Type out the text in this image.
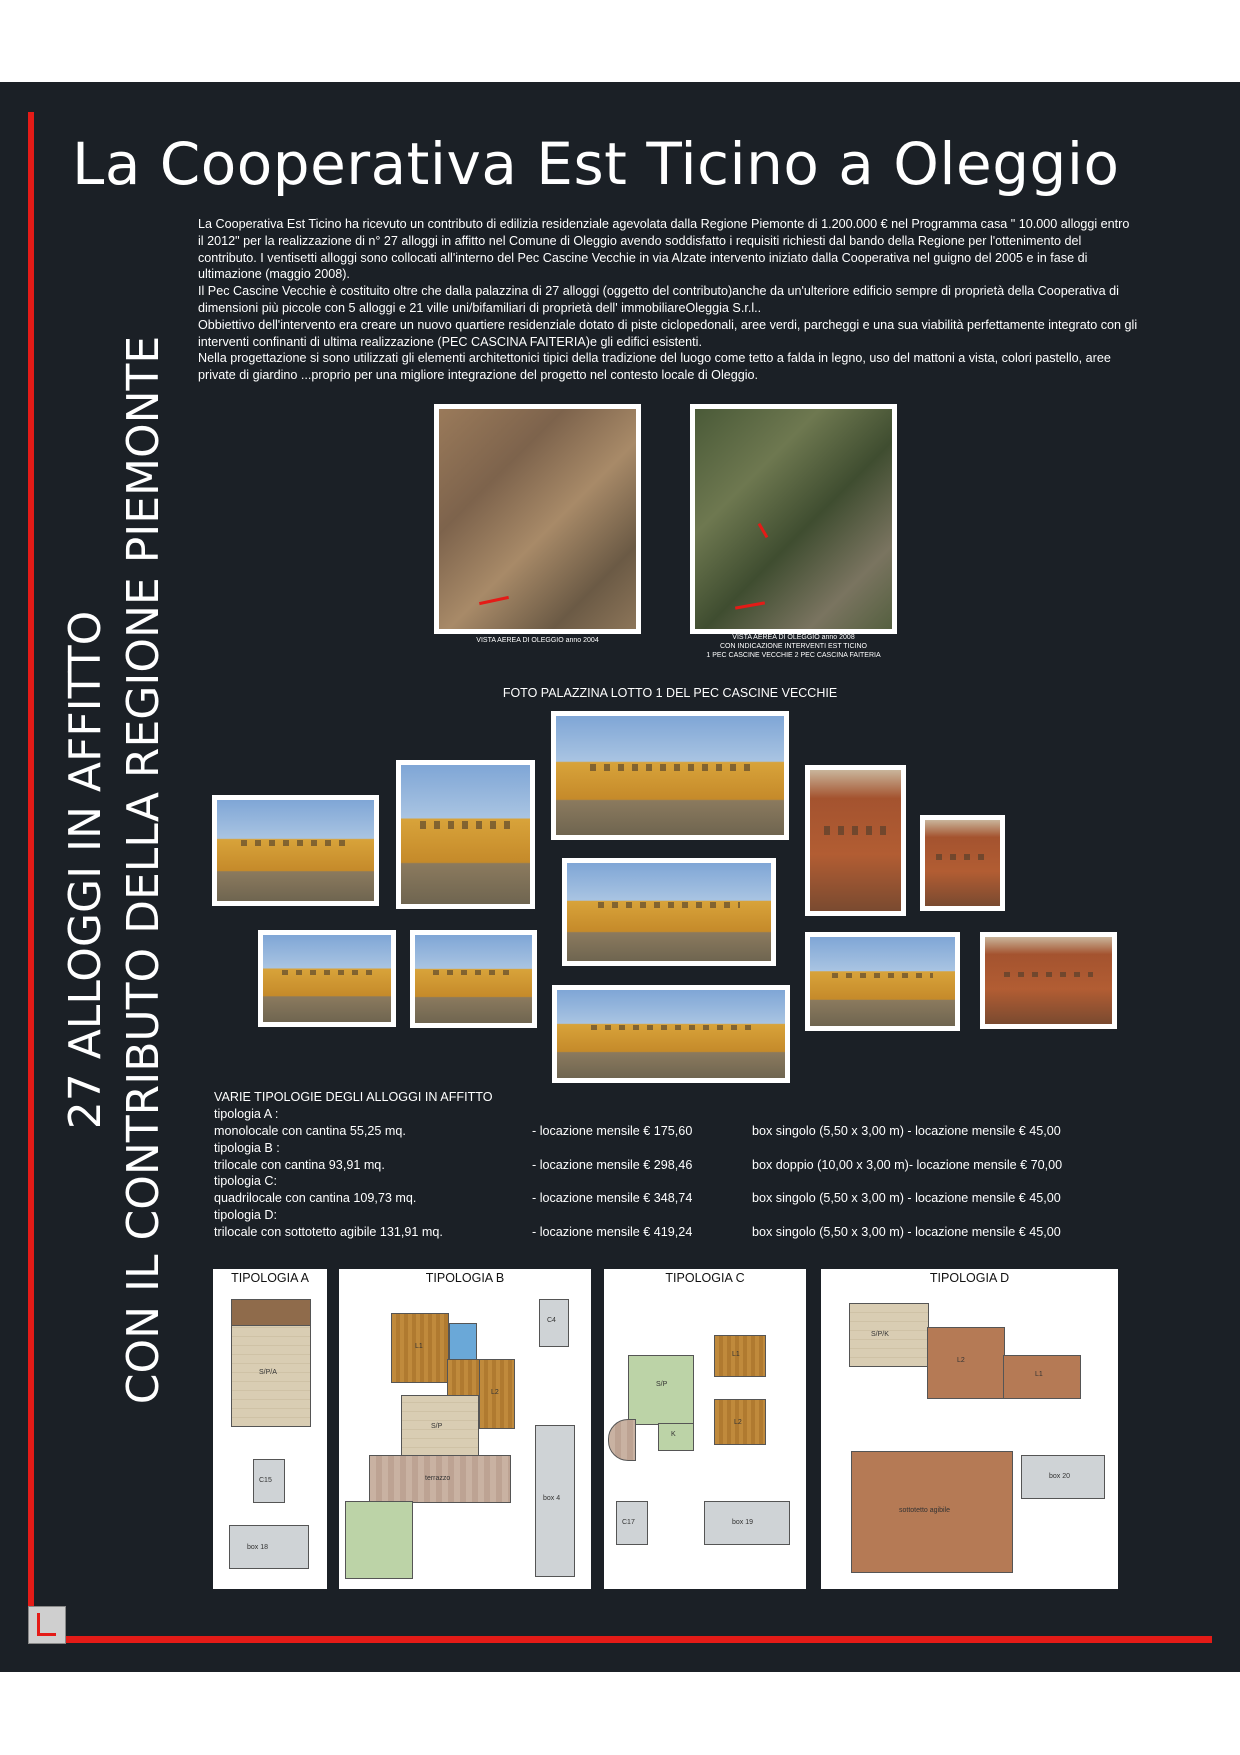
La Cooperativa Est Ticino a Oleggio
27 ALLOGGI IN AFFITTO CON IL CONTRIBUTO DELLA REGIONE PIEMONTE

La Cooperativa Est Ticino ha ricevuto un contributo di edilizia residenziale agevolata dalla Regione Piemonte di 1.200.000 € nel Programma casa " 10.000 alloggi entro il 2012" per la realizzazione di n° 27 alloggi in affitto nel Comune di Oleggio avendo soddisfatto i requisiti richiesti dal bando della Regione per l'ottenimento del contributo. I ventisetti alloggi sono collocati all'interno del Pec Cascine Vecchie in via Alzate intervento iniziato dalla Cooperativa nel guigno del 2005 e in fase di ultimazione (maggio 2008).

Il Pec Cascine Vecchie è costituito oltre che dalla palazzina di 27 alloggi (oggetto del contributo)anche da un'ulteriore edificio sempre di proprietà della Cooperativa di dimensioni più piccole con 5 alloggi e 21 ville uni/bifamiliari di proprietà dell' immobiliareOleggia S.r.l..

Obbiettivo dell'intervento era creare un nuovo quartiere residenziale dotato di piste ciclopedonali, aree verdi, parcheggi e una sua viabilità perfettamente integrato con gli interventi confinanti di ultima realizzazione (PEC CASCINA FAITERIA)e gli edifici esistenti.

Nella progettazione si sono utilizzati gli elementi architettonici tipici della tradizione del luogo come tetto a falda in legno, uso del mattoni a vista, colori pastello, aree private di giardino ...proprio per una migliore integrazione del progetto nel contesto locale di Oleggio.

VISTA AEREA DI OLEGGIO anno 2004	VISTA AEREA DI OLEGGIO anno 2008
CON INDICAZIONE INTERVENTI EST TICINO
1 PEC CASCINE VECCHIE 2 PEC CASCINA FAITERIA
FOTO PALAZZINA LOTTO 1 DEL PEC CASCINE VECCHIE
VARIE TIPOLOGIE DEGLI ALLOGGI IN AFFITTO
tipologia A :
monolocale con cantina 55,25 mq.	- locazione mensile € 175,60	box singolo (5,50 x 3,00 m) - locazione mensile € 45,00
tipologia B :
trilocale con cantina 93,91 mq.	- locazione mensile € 298,46	box doppio (10,00 x 3,00 m)- locazione mensile € 70,00
tipologia C:
quadrilocale con cantina 109,73 mq.	- locazione mensile € 348,74	box singolo (5,50 x 3,00 m) - locazione mensile € 45,00
tipologia D:
trilocale con sottotetto agibile 131,91 mq.	- locazione mensile € 419,24	box singolo (5,50 x 3,00 m) - locazione mensile € 45,00
TIPOLOGIA A
S/P/A
C15
box 18
TIPOLOGIA B
L1
L2
S/P
terrazzo
C4
box 4
TIPOLOGIA C
S/P
L1
L2
K
C17	box 19
TIPOLOGIA D
S/P/K
L2
L1
sottotetto agibile
box 20
